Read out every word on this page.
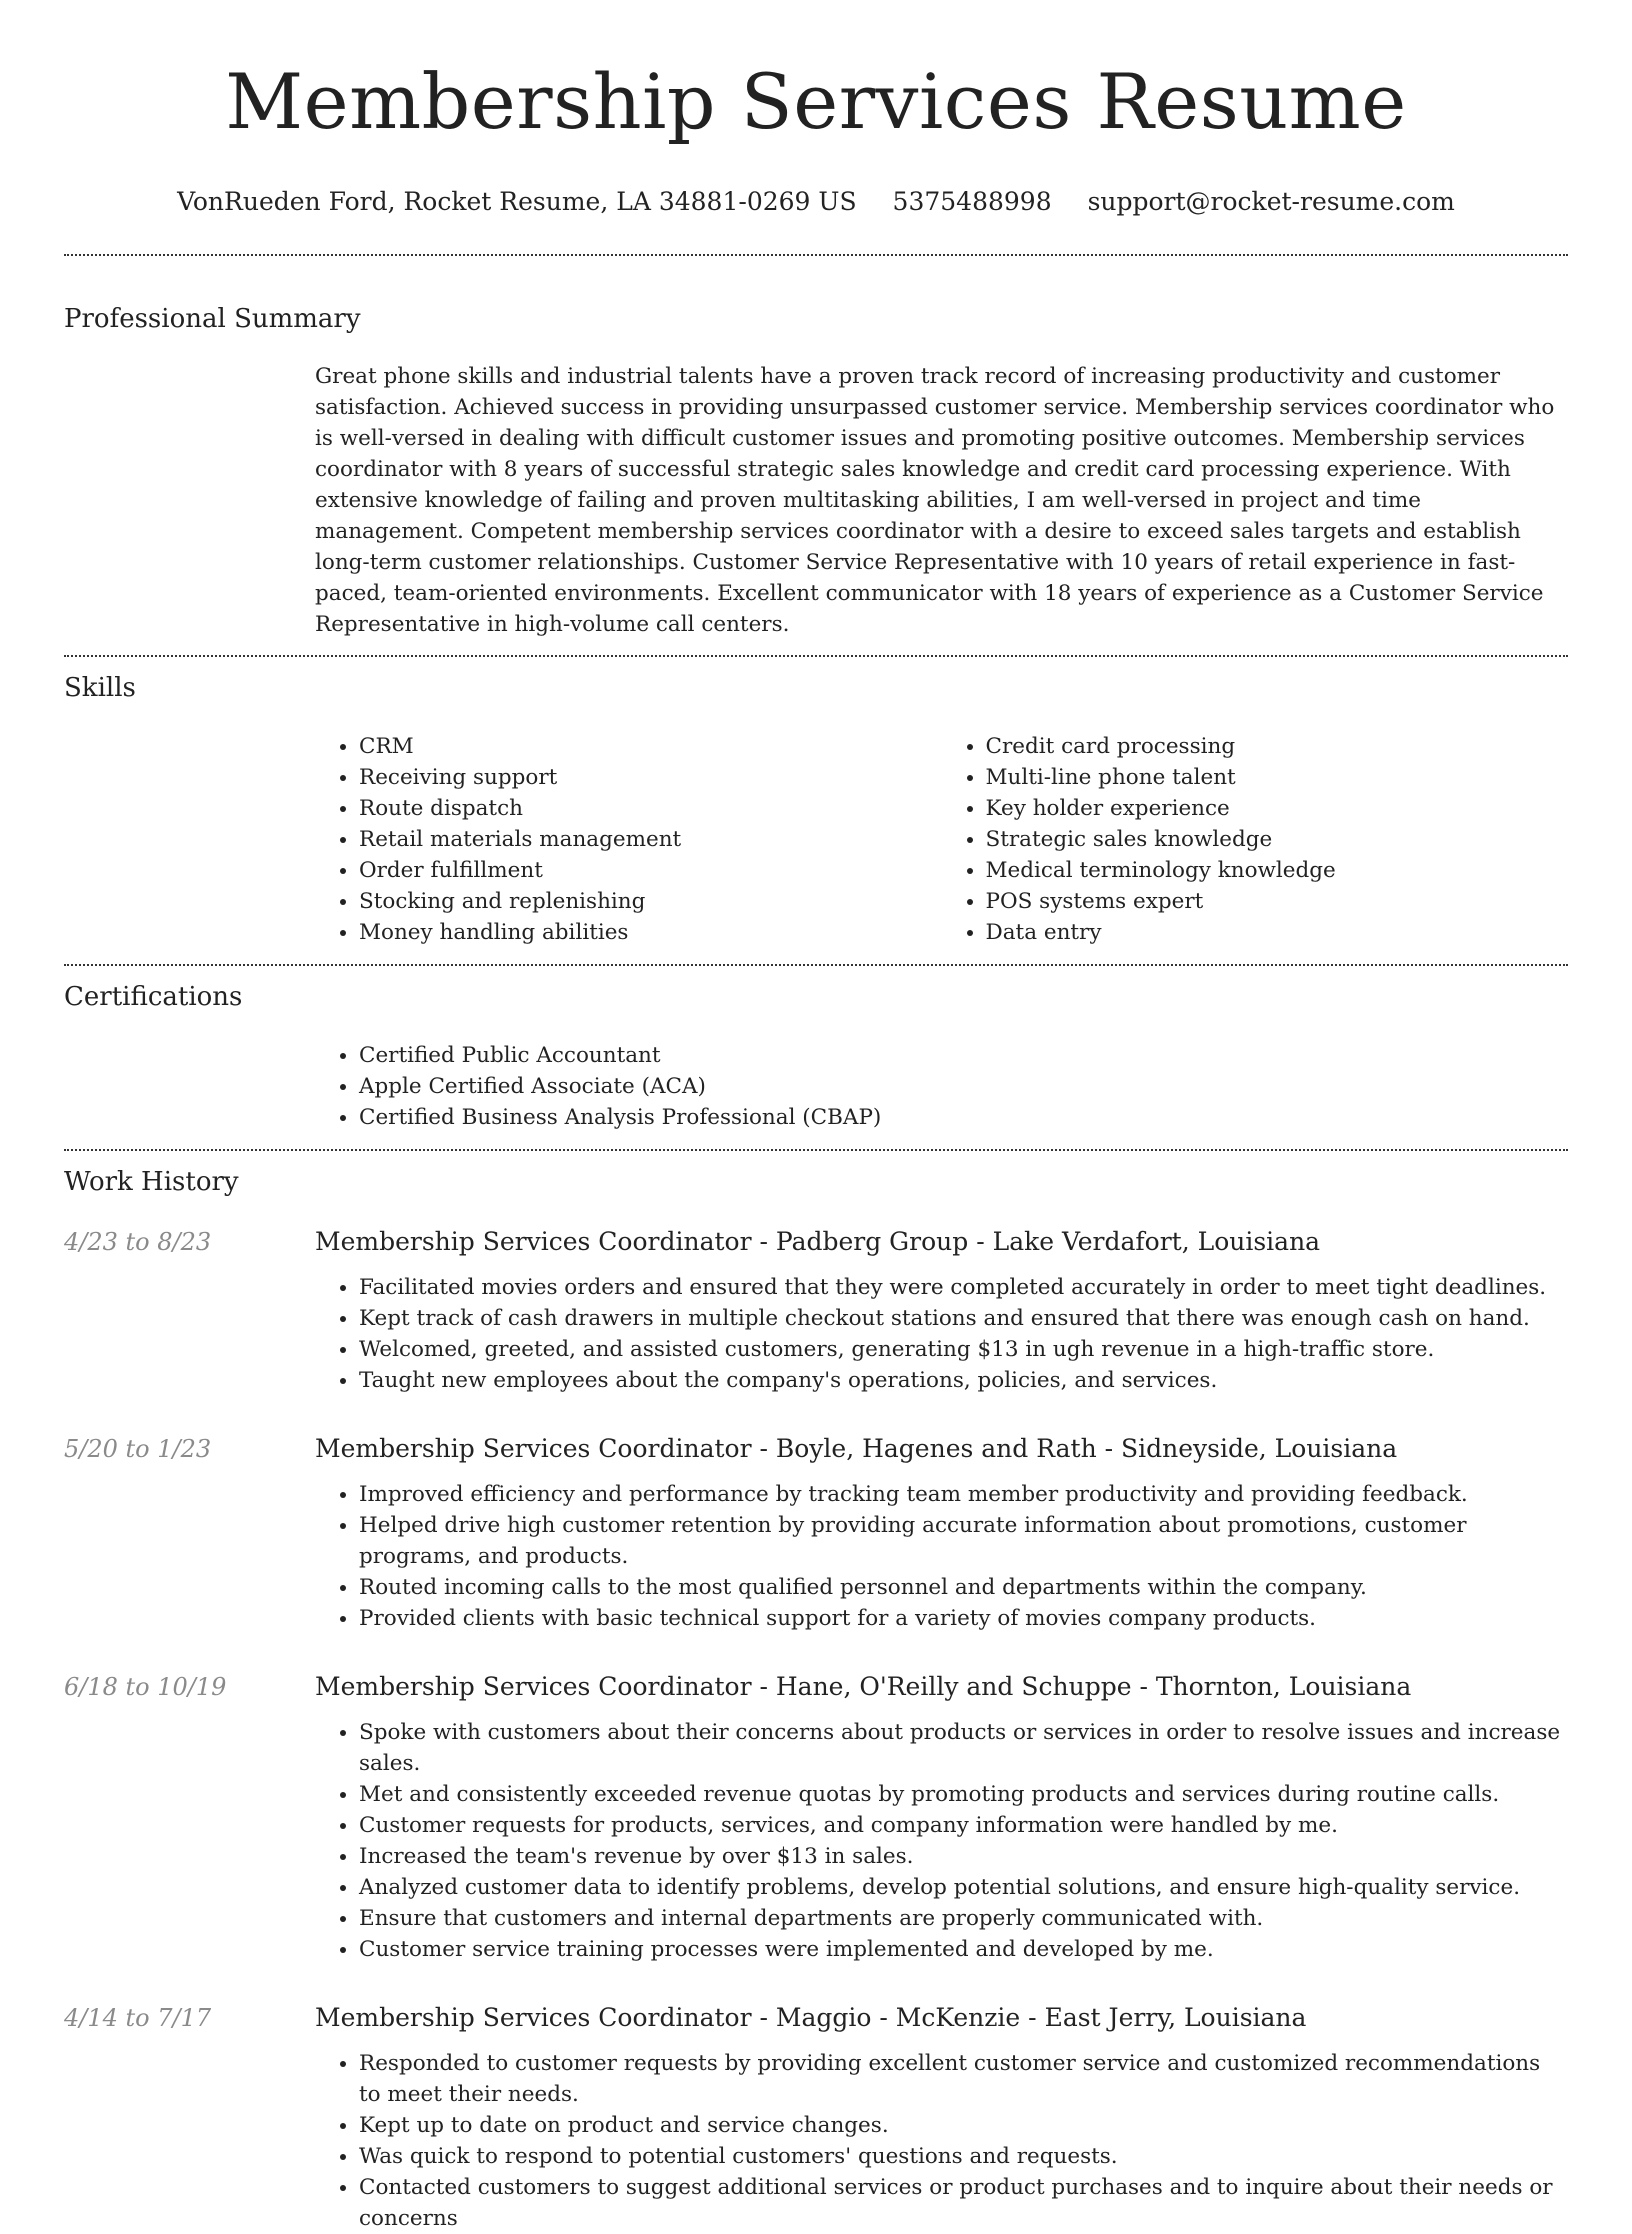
Membership Services Resume
VonRueden Ford, Rocket Resume, LA 34881-0269 US 5375488998 support@rocket-resume.com
Professional Summary
Great phone skills and industrial talents have a proven track record of increasing productivity and customer satisfaction. Achieved success in providing unsurpassed customer service. Membership services coordinator who is well-versed in dealing with difficult customer issues and promoting positive outcomes. Membership services coordinator with 8 years of successful strategic sales knowledge and credit card processing experience. With extensive knowledge of failing and proven multitasking abilities, I am well-versed in project and time management. Competent membership services coordinator with a desire to exceed sales targets and establish long-term customer relationships. Customer Service Representative with 10 years of retail experience in fast-paced, team-oriented environments. Excellent communicator with 18 years of experience as a Customer Service Representative in high-volume call centers.
Skills
• CRM
• Receiving support
• Route dispatch
• Retail materials management
• Order fulfillment
• Stocking and replenishing
• Money handling abilities
• Credit card processing
• Multi-line phone talent
• Key holder experience
• Strategic sales knowledge
• Medical terminology knowledge
• POS systems expert
• Data entry
Certifications
• Certified Public Accountant
• Apple Certified Associate (ACA)
• Certified Business Analysis Professional (CBAP)
Work History
4/23 to 8/23	Membership Services Coordinator - Padberg Group - Lake Verdafort, Louisiana
• Facilitated movies orders and ensured that they were completed accurately in order to meet tight deadlines.
• Kept track of cash drawers in multiple checkout stations and ensured that there was enough cash on hand.
• Welcomed, greeted, and assisted customers, generating $13 in ugh revenue in a high-traffic store.
• Taught new employees about the company's operations, policies, and services.
5/20 to 1/23	Membership Services Coordinator - Boyle, Hagenes and Rath - Sidneyside, Louisiana
• Improved efficiency and performance by tracking team member productivity and providing feedback.
• Helped drive high customer retention by providing accurate information about promotions, customer programs, and products.
• Routed incoming calls to the most qualified personnel and departments within the company.
• Provided clients with basic technical support for a variety of movies company products.
6/18 to 10/19	Membership Services Coordinator - Hane, O'Reilly and Schuppe - Thornton, Louisiana
• Spoke with customers about their concerns about products or services in order to resolve issues and increase sales.
• Met and consistently exceeded revenue quotas by promoting products and services during routine calls.
• Customer requests for products, services, and company information were handled by me.
• Increased the team's revenue by over $13 in sales.
• Analyzed customer data to identify problems, develop potential solutions, and ensure high-quality service.
• Ensure that customers and internal departments are properly communicated with.
• Customer service training processes were implemented and developed by me.
4/14 to 7/17	Membership Services Coordinator - Maggio - McKenzie - East Jerry, Louisiana
• Responded to customer requests by providing excellent customer service and customized recommendations to meet their needs.
• Kept up to date on product and service changes.
• Was quick to respond to potential customers' questions and requests.
• Contacted customers to suggest additional services or product purchases and to inquire about their needs or concerns
